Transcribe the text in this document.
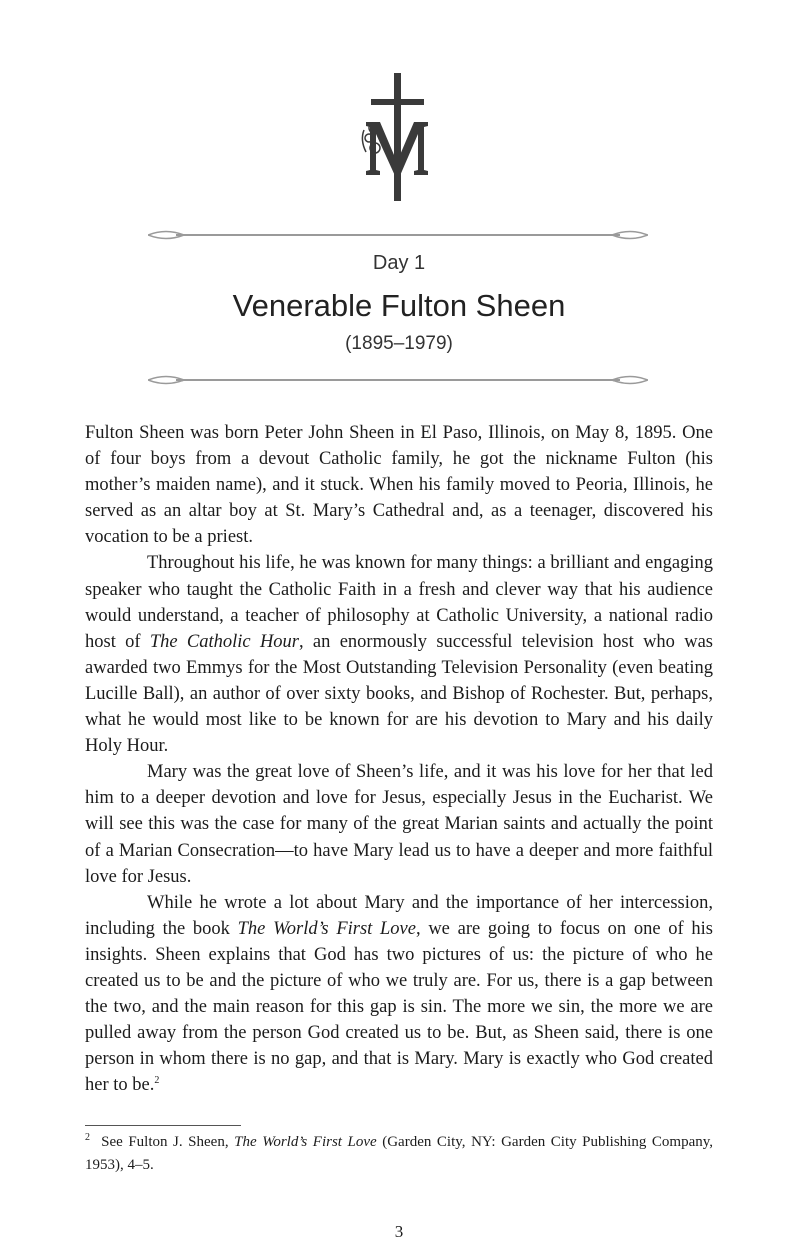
Day 1
Venerable Fulton Sheen
(1895–1979)

Fulton Sheen was born Peter John Sheen in El Paso, Illinois, on May 8, 1895. One of four boys from a devout Catholic family, he got the nickname Fulton (his mother’s maiden name), and it stuck. When his family moved to Peoria, Illinois, he served as an altar boy at St. Mary’s Cathedral and, as a teenager, discovered his vocation to be a priest.

Throughout his life, he was known for many things: a brilliant and engaging speaker who taught the Catholic Faith in a fresh and clever way that his audience would understand, a teacher of philosophy at Catholic University, a national radio host of The Catholic Hour, an enormously successful television host who was awarded two Emmys for the Most Outstanding Television Personality (even beating Lucille Ball), an author of over sixty books, and Bishop of Rochester. But, perhaps, what he would most like to be known for are his devotion to Mary and his daily Holy Hour.

Mary was the great love of Sheen’s life, and it was his love for her that led him to a deeper devotion and love for Jesus, especially Jesus in the Eucharist. We will see this was the case for many of the great Marian saints and actually the point of a Marian Consecration—to have Mary lead us to have a deeper and more faithful love for Jesus.

While he wrote a lot about Mary and the importance of her intercession, including the book The World’s First Love, we are going to focus on one of his insights. Sheen explains that God has two pictures of us: the picture of who he created us to be and the picture of who we truly are. For us, there is a gap between the two, and the main reason for this gap is sin. The more we sin, the more we are pulled away from the person God created us to be. But, as Sheen said, there is one person in whom there is no gap, and that is Mary. Mary is exactly who God created her to be.$^2$

$^2$ See Fulton J. Sheen, The World’s First Love (Garden City, NY: Garden City Publishing Company, 1953), 4–5.
3
